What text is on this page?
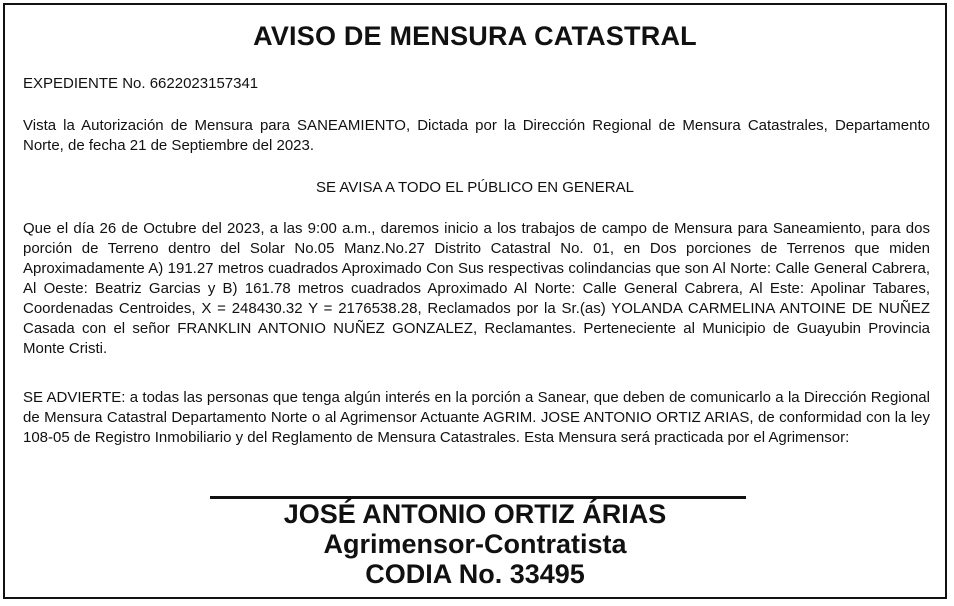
AVISO DE MENSURA CATASTRAL
EXPEDIENTE No. 6622023157341
Vista la Autorización de Mensura para SANEAMIENTO, Dictada por la Dirección Regional de Mensura Catastrales, Departamento Norte, de fecha 21 de Septiembre del 2023.
SE AVISA A TODO EL PÚBLICO EN GENERAL
Que el día 26 de Octubre del 2023, a las 9:00 a.m., daremos inicio a los trabajos de campo de Mensura para Saneamiento, para dos porción de Terreno dentro del Solar No.05 Manz.No.27 Distrito Catastral No. 01, en Dos porciones de Terrenos que miden Aproximadamente A) 191.27 metros cuadrados Aproximado Con Sus respectivas colindancias que son Al Norte: Calle General Cabrera, Al Oeste: Beatriz Garcias y B) 161.78 metros cuadrados Aproximado Al Norte: Calle General Cabrera, Al Este: Apolinar Tabares, Coordenadas Centroides, X = 248430.32 Y = 2176538.28, Reclamados por la Sr.(as) YOLANDA CARMELINA ANTOINE DE NUÑEZ Casada con el señor FRANKLIN ANTONIO NUÑEZ GONZALEZ, Reclamantes. Perteneciente al Municipio de Guayubin Provincia Monte Cristi.
SE ADVIERTE: a todas las personas que tenga algún interés en la porción a Sanear, que deben de comunicarlo a la Dirección Regional de Mensura Catastral Departamento Norte o al Agrimensor Actuante AGRIM. JOSE ANTONIO ORTIZ ARIAS, de conformidad con la ley 108-05 de Registro Inmobiliario y del Reglamento de Mensura Catastrales. Esta Mensura será practicada por el Agrimensor:
JOSÉ ANTONIO ORTIZ ÁRIAS
Agrimensor-Contratista
CODIA No. 33495
